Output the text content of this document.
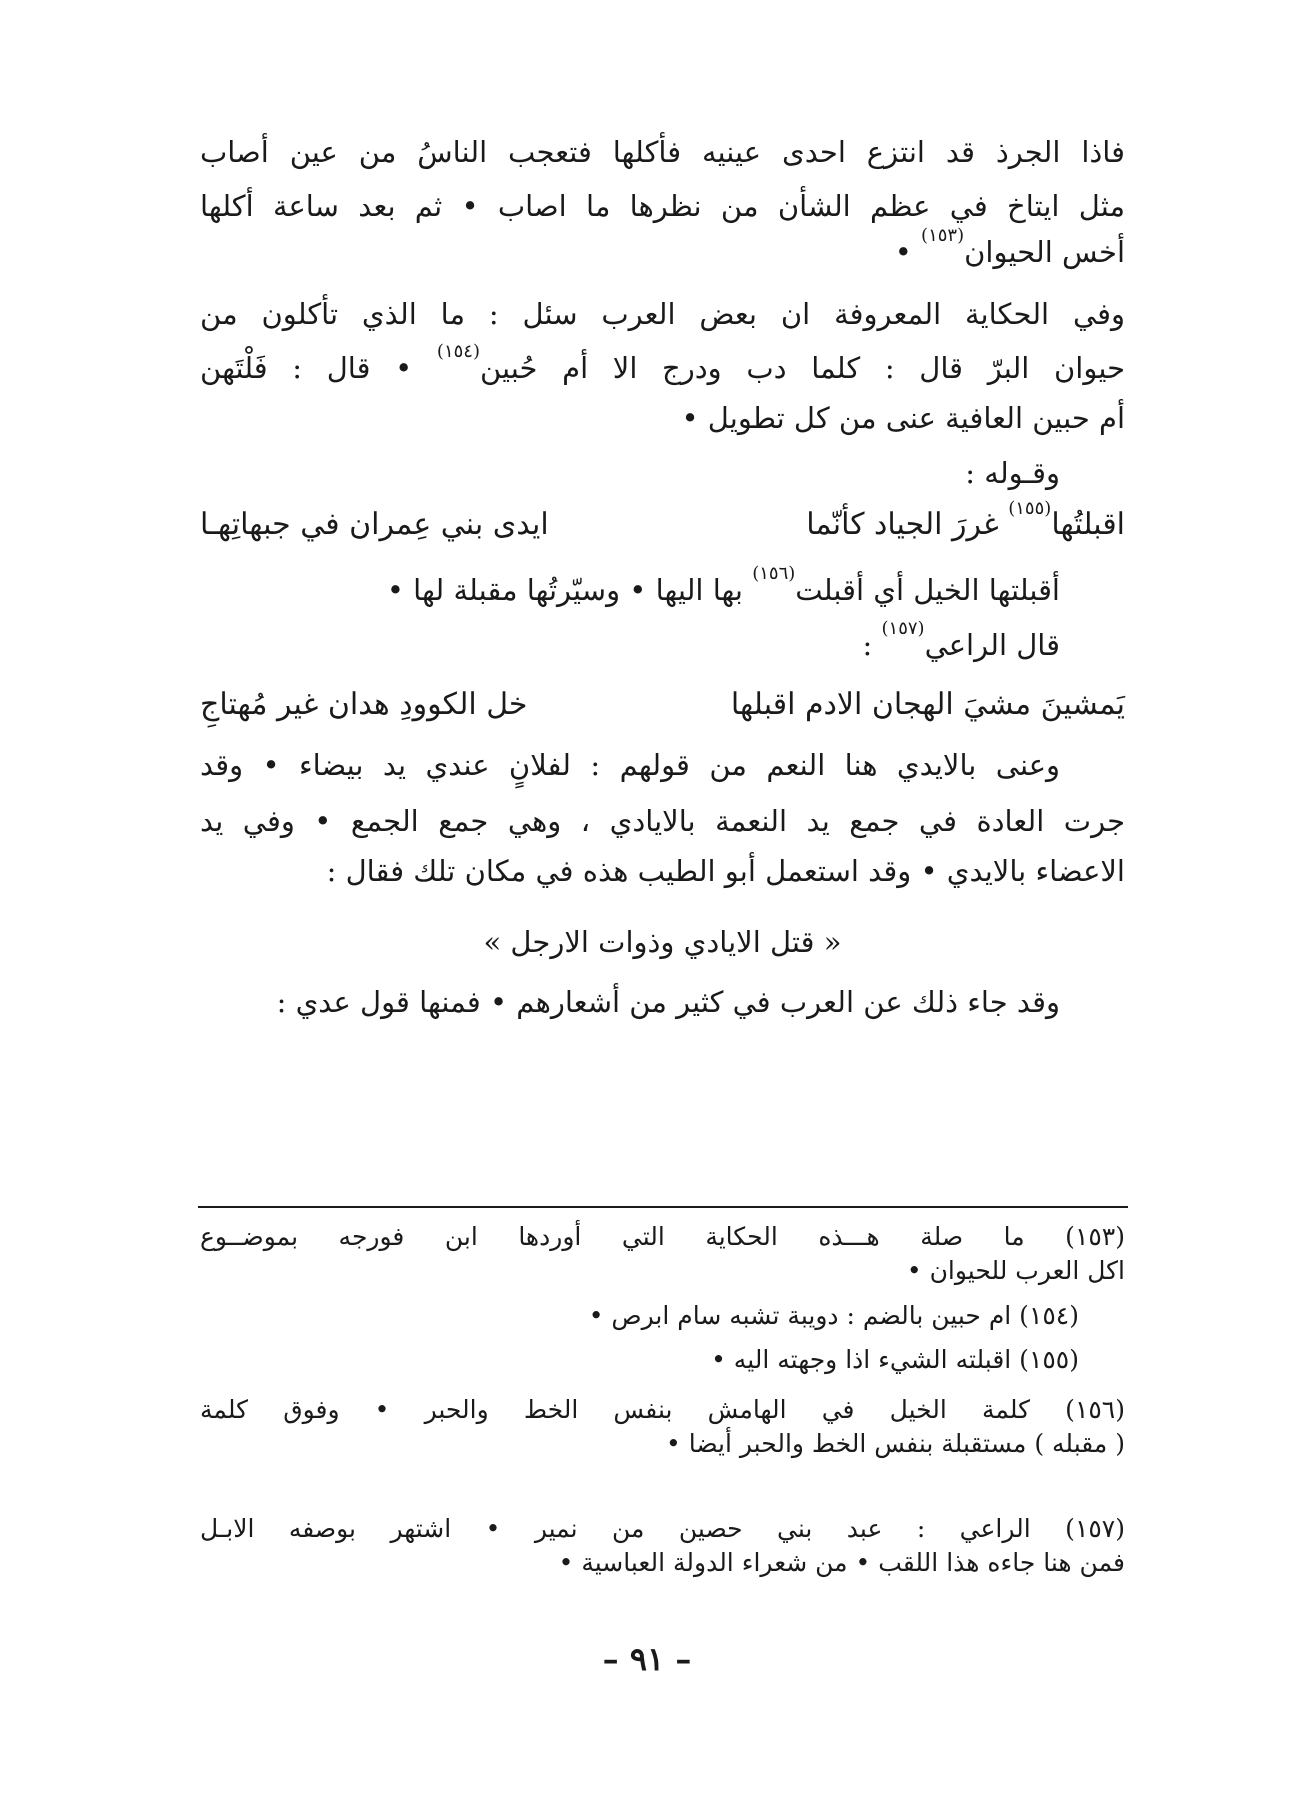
فاذا الجرذ قد انتزع احدى عينيه فأكلها فتعجب الناسُ من عين أصاب
مثل ايتاخ في عظم الشأن من نظرها ما اصاب • ثم بعد ساعة أكلها
أخس الحيوان$^{(١٥٣)}$ •
وفي الحكاية المعروفة ان بعض العرب سئل : ما الذي تأكلون من
حيوان البرّ قال : كلما دب ودرج الا أم حُبين$^{(١٥٤)}$ • قال : فَلْتَهن
أم حبين العافية عنى من كل تطويل •
وقـوله :
اقبلتُها$^{(١٥٥)}$ غررَ الجياد كأنّما
ايدى بني عِمران في جبهاتِهـا
أقبلتها الخيل أي أقبلت$^{(١٥٦)}$ بها اليها • وسيّرتُها مقبلة لها •
قال الراعي$^{(١٥٧)}$ :
يَمشينَ مشيَ الهجان الادم اقبلها
خل الكوودِ هدان غير مُهتاجِ
وعنى بالايدي هنا النعم من قولهم : لفلانٍ عندي يد بيضاء • وقد
جرت العادة في جمع يد النعمة بالايادي ، وهي جمع الجمع • وفي يد
الاعضاء بالايدي • وقد استعمل أبو الطيب هذه في مكان تلك فقال :
« قتل الايادي وذوات الارجل »
وقد جاء ذلك عن العرب في كثير من أشعارهم • فمنها قول عدي :
(١٥٣) ما صلة هـــذه الحكاية التي أوردها ابن فورجه بموضــوع
اكل العرب للحيوان •
(١٥٤) ام حبين بالضم : دويبة تشبه سام ابرص •
(١٥٥) اقبلته الشيء اذا وجهته اليه •
(١٥٦) كلمة الخيل في الهامش بنفس الخط والحبر • وفوق كلمة
( مقبله ) مستقبلة بنفس الخط والحبر أيضا •
(١٥٧) الراعي : عبد بني حصين من نمير • اشتهر بوصفه الابـل
فمن هنا جاءه هذا اللقب • من شعراء الدولة العباسية •
– ٩١ –
